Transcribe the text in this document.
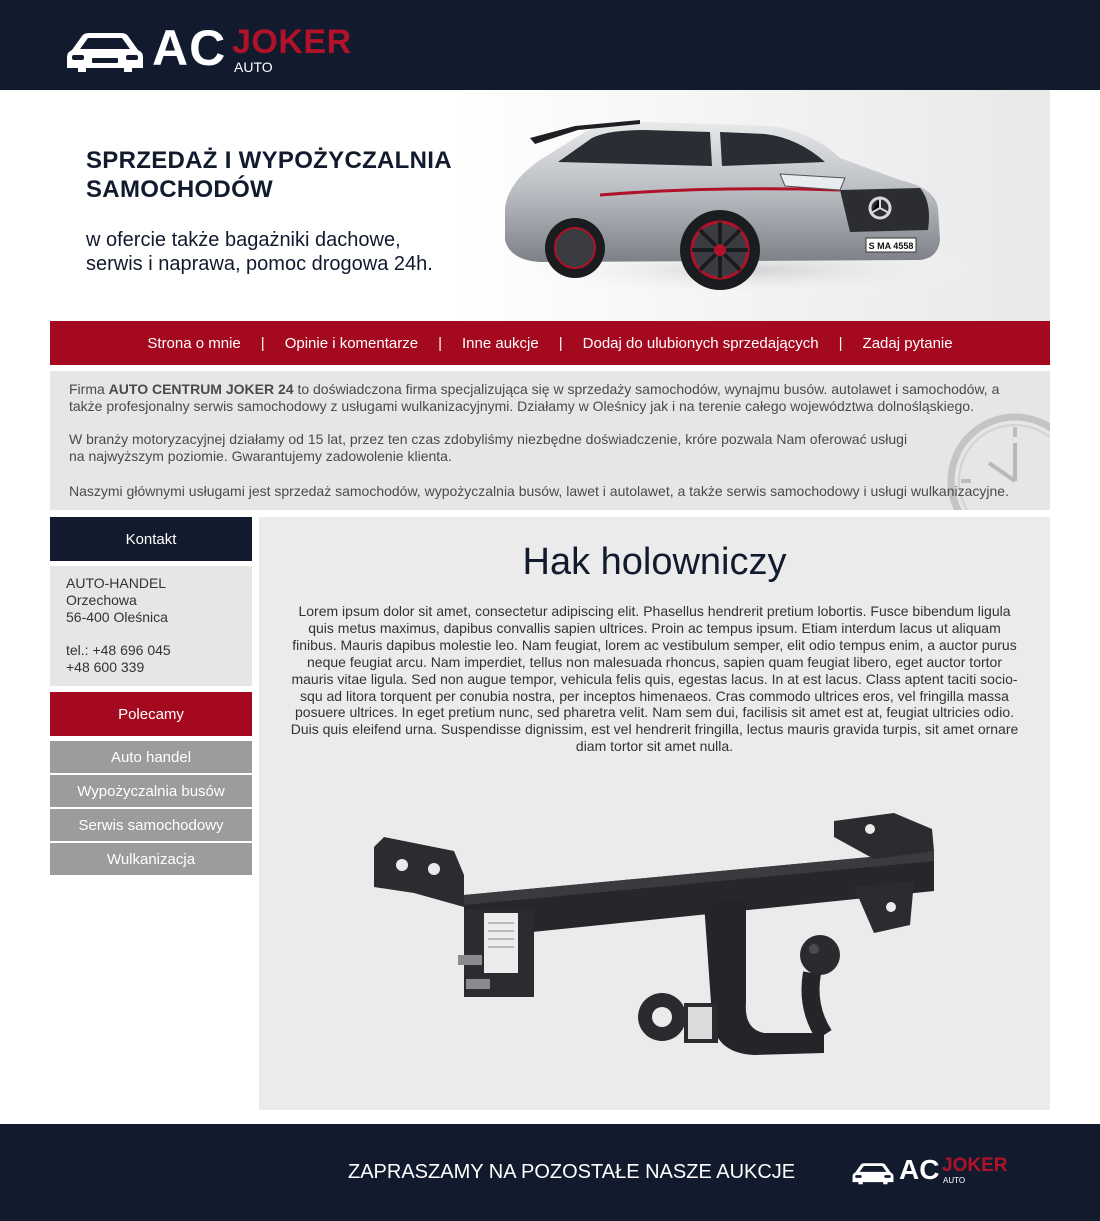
AC JOKER
AUTO
SPRZEDAŻ I WYPOŻYCZALNIA
SAMOCHODÓW
w ofercie także bagażniki dachowe,
serwis i naprawa, pomoc drogowa 24h.
S MA 4558
Strona o mnie	|	Opinie i komentarze	|	Inne aukcje	|	Dodaj do ulubionych sprzedających	|	Zadaj pytanie

Firma AUTO CENTRUM JOKER 24 to doświadczona firma specjalizująca się w sprzedaży samochodów, wynajmu busów. autolawet i samochodów, a
także profesjonalny serwis samochodowy z usługami wulkanizacyjnymi. Działamy w Oleśnicy jak i na terenie całego województwa dolnośląskiego.

W branży motoryzacyjnej działamy od 15 lat, przez ten czas zdobyliśmy niezbędne doświadczenie, króre pozwala Nam oferować usługi
na najwyższym poziomie. Gwarantujemy zadowolenie klienta.

Naszymi głównymi usługami jest sprzedaż samochodów, wypożyczalnia busów, lawet i autolawet, a także serwis samochodowy i usługi wulkanizacyjne.

Kontakt
AUTO-HANDEL
Orzechowa
56-400 Oleśnica
tel.: +48 696 045
+48 600 339
Polecamy
Auto handel
Wypożyczalnia busów
Serwis samochodowy
Wulkanizacja
Hak holowniczy
Lorem ipsum dolor sit amet, consectetur adipiscing elit. Phasellus hendrerit pretium lobortis. Fusce bibendum ligula quis metus maximus, dapibus convallis sapien ultrices. Proin ac tempus ipsum. Etiam interdum lacus ut aliquam finibus. Mauris dapibus molestie leo. Nam feugiat, lorem ac vestibulum semper, elit odio tempus enim, a auctor purus neque feugiat arcu. Nam imperdiet, tellus non malesuada rhoncus, sapien quam feugiat libero, eget auctor tortor mauris vitae ligula. Sed non augue tempor, vehicula felis quis, egestas lacus. In at est lacus. Class aptent taciti socio-squ ad litora torquent per conubia nostra, per inceptos himenaeos. Cras commodo ultrices eros, vel fringilla massa posuere ultrices. In eget pretium nunc, sed pharetra velit. Nam sem dui, facilisis sit amet est at, feugiat ultricies odio. Duis quis eleifend urna. Suspendisse dignissim, est vel hendrerit fringilla, lectus mauris gravida turpis, sit amet ornare diam tortor sit amet nulla.
ZAPRASZAMY NA POZOSTAŁE NASZE AUKCJE	AC JOKER
AUTO
